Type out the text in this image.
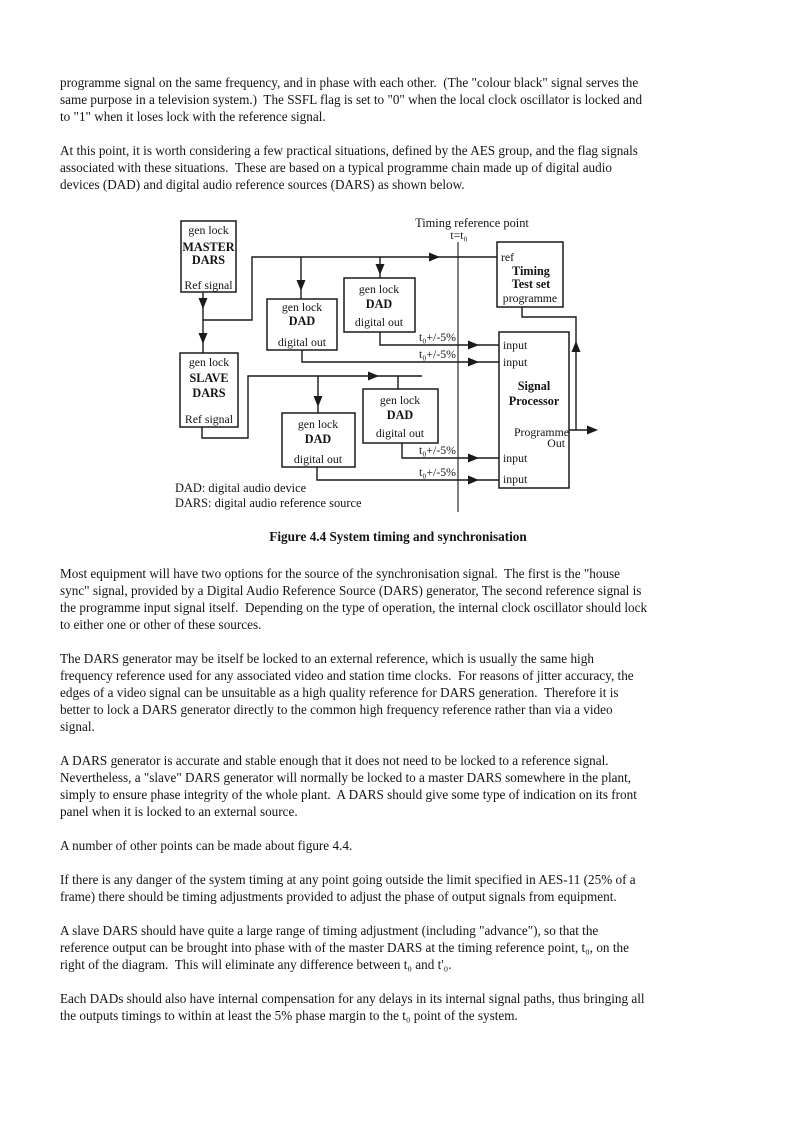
programme signal on the same frequency, and in phase with each other.  (The "colour black" signal serves the
same purpose in a television system.)  The SSFL flag is set to "0" when the local clock oscillator is locked and
to "1" when it loses lock with the reference signal.
At this point, it is worth considering a few practical situations, defined by the AES group, and the flag signals
associated with these situations.  These are based on a typical programme chain made up of digital audio
devices (DAD) and digital audio reference sources (DARS) as shown below.
Timing reference point
t=t₀
gen lock
MASTER
DARS
Ref signal
ref
Timing
Test set
programme
gen lock
DAD
digital out
gen lock
DAD
digital out
gen lock
SLAVE
DARS
Ref signal	gen lock
DAD
digital out
gen lock
DAD
digital out
input
input
Signal
Processor
Programme
Out
input
input
t₀+/-5%
t₀+/-5%
t₀+/-5%
t₀+/-5%
DAD: digital audio device
DARS: digital audio reference source
Figure 4.4 System timing and synchronisation
Most equipment will have two options for the source of the synchronisation signal.  The first is the "house
sync" signal, provided by a Digital Audio Reference Source (DARS) generator, The second reference signal is
the programme input signal itself.  Depending on the type of operation, the internal clock oscillator should lock
to either one or other of these sources.
The DARS generator may be itself be locked to an external reference, which is usually the same high
frequency reference used for any associated video and station time clocks.  For reasons of jitter accuracy, the
edges of a video signal can be unsuitable as a high quality reference for DARS generation.  Therefore it is
better to lock a DARS generator directly to the common high frequency reference rather than via a video
signal.
A DARS generator is accurate and stable enough that it does not need to be locked to a reference signal.
Nevertheless, a "slave" DARS generator will normally be locked to a master DARS somewhere in the plant,
simply to ensure phase integrity of the whole plant.  A DARS should give some type of indication on its front
panel when it is locked to an external source.
A number of other points can be made about figure 4.4.
If there is any danger of the system timing at any point going outside the limit specified in AES-11 (25% of a
frame) there should be timing adjustments provided to adjust the phase of output signals from equipment.
A slave DARS should have quite a large range of timing adjustment (including "advance"), so that the
reference output can be brought into phase with of the master DARS at the timing reference point, t₀, on the
right of the diagram.  This will eliminate any difference between t₀ and t'₀.
Each DADs should also have internal compensation for any delays in its internal signal paths, thus bringing all
the outputs timings to within at least the 5% phase margin to the t₀ point of the system.
